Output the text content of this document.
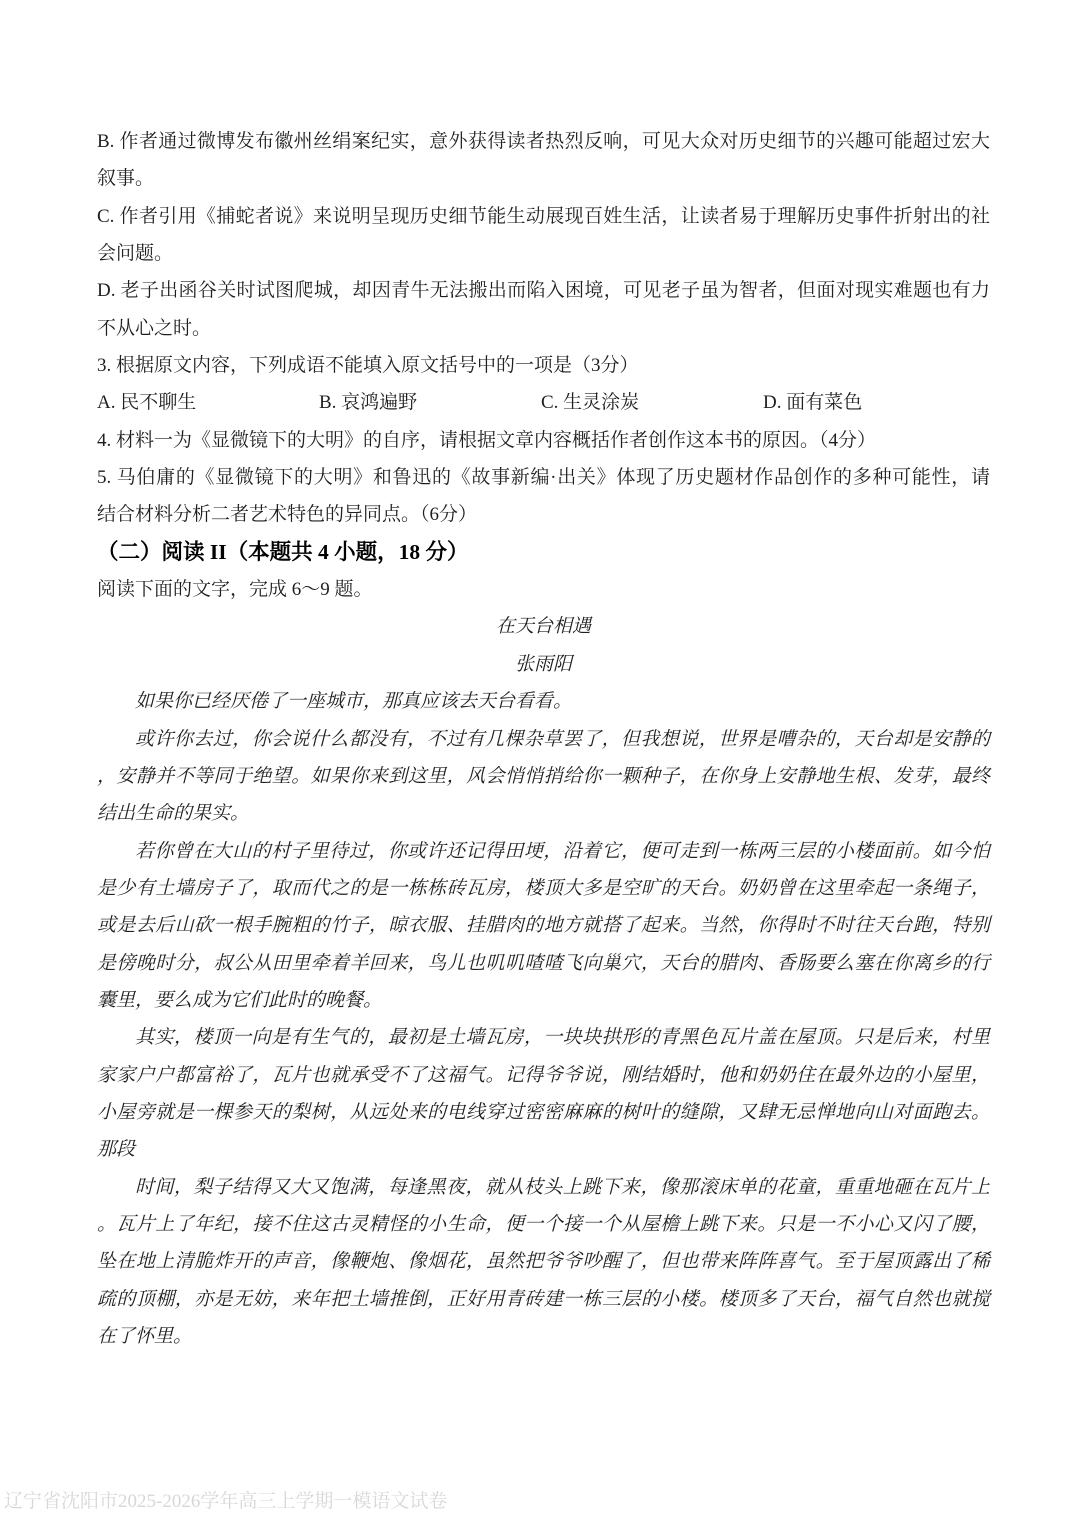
B. 作者通过微博发布徽州丝绢案纪实，意外获得读者热烈反响，可见大众对历史细节的兴趣可能超过宏大
叙事。
C. 作者引用《捕蛇者说》来说明呈现历史细节能生动展现百姓生活，让读者易于理解历史事件折射出的社
会问题。
D. 老子出函谷关时试图爬城，却因青牛无法搬出而陷入困境，可见老子虽为智者，但面对现实难题也有力
不从心之时。
3. 根据原文内容，下列成语不能填入原文括号中的一项是（3分）
A. 民不聊生	B. 哀鸿遍野	C. 生灵涂炭	D. 面有菜色
4. 材料一为《显微镜下的大明》的自序，请根据文章内容概括作者创作这本书的原因。（4分）
5. 马伯庸的《显微镜下的大明》和鲁迅的《故事新编·出关》体现了历史题材作品创作的多种可能性，请
结合材料分析二者艺术特色的异同点。（6分）
（二）阅读 II（本题共 4 小题，18 分）
阅读下面的文字，完成 6～9 题。
在天台相遇
张雨阳
如果你已经厌倦了一座城市，那真应该去天台看看。
或许你去过，你会说什么都没有，不过有几棵杂草罢了，但我想说，世界是嘈杂的，天台却是安静的
，安静并不等同于绝望。如果你来到这里，风会悄悄捎给你一颗种子，在你身上安静地生根、发芽，最终
结出生命的果实。
若你曾在大山的村子里待过，你或许还记得田埂，沿着它，便可走到一栋两三层的小楼面前。如今怕
是少有土墙房子了，取而代之的是一栋栋砖瓦房，楼顶大多是空旷的天台。奶奶曾在这里牵起一条绳子，
或是去后山砍一根手腕粗的竹子，晾衣服、挂腊肉的地方就搭了起来。当然，你得时不时往天台跑，特别
是傍晚时分，叔公从田里牵着羊回来，鸟儿也叽叽喳喳飞向巢穴，天台的腊肉、香肠要么塞在你离乡的行
囊里，要么成为它们此时的晚餐。
其实，楼顶一向是有生气的，最初是土墙瓦房，一块块拱形的青黑色瓦片盖在屋顶。只是后来，村里
家家户户都富裕了，瓦片也就承受不了这福气。记得爷爷说，刚结婚时，他和奶奶住在最外边的小屋里，
小屋旁就是一棵参天的梨树，从远处来的电线穿过密密麻麻的树叶的缝隙，又肆无忌惮地向山对面跑去。
那段
时间，梨子结得又大又饱满，每逢黑夜，就从枝头上跳下来，像那滚床单的花童，重重地砸在瓦片上
。瓦片上了年纪，接不住这古灵精怪的小生命，便一个接一个从屋檐上跳下来。只是一不小心又闪了腰，
坠在地上清脆炸开的声音，像鞭炮、像烟花，虽然把爷爷吵醒了，但也带来阵阵喜气。至于屋顶露出了稀
疏的顶棚，亦是无妨，来年把土墙推倒，正好用青砖建一栋三层的小楼。楼顶多了天台，福气自然也就搅
在了怀里。
辽宁省沈阳市2025-2026学年高三上学期一模语文试卷
